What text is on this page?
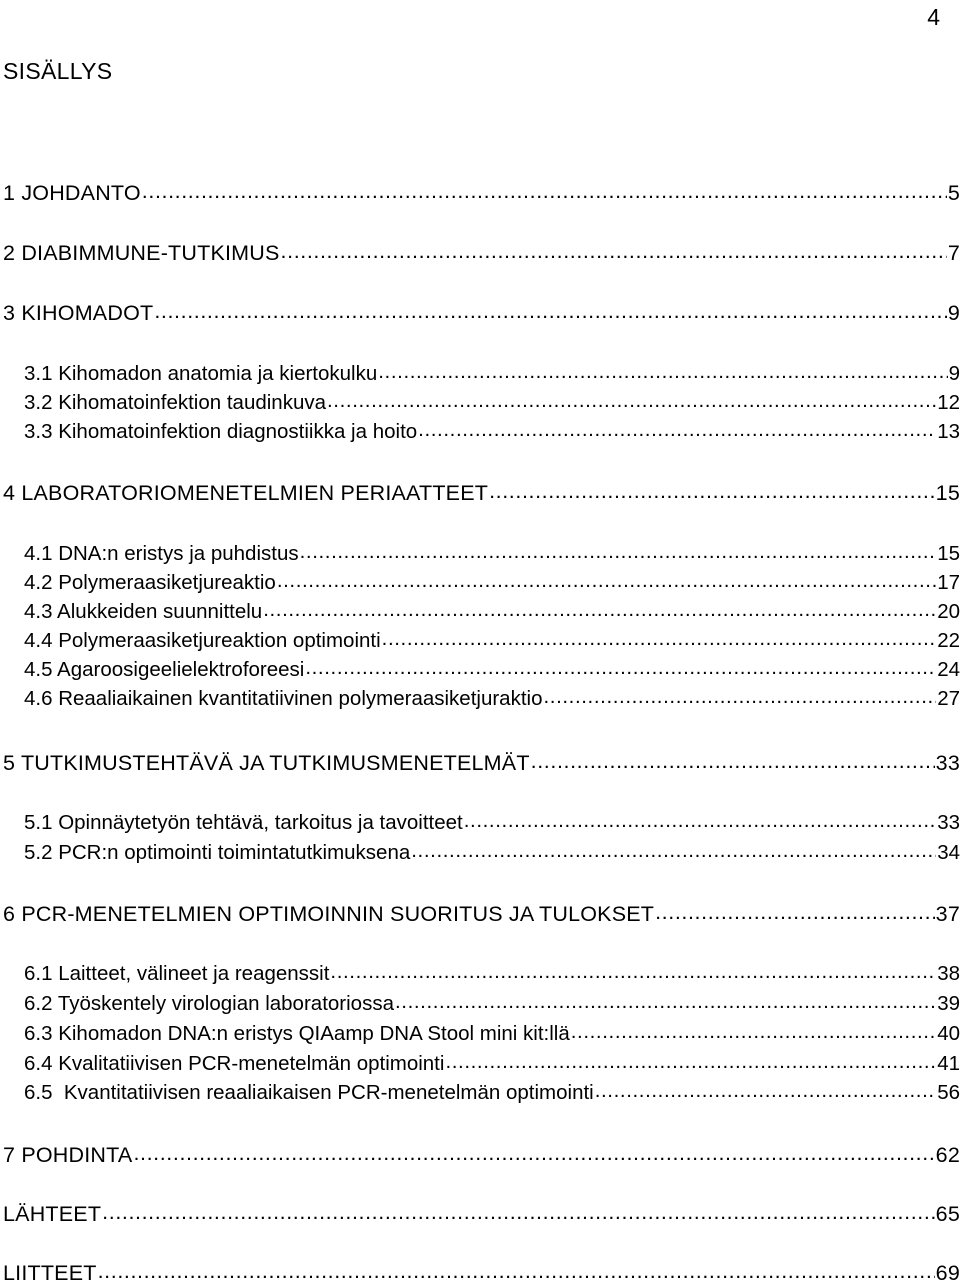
4
SISÄLLYS
1 JOHDANTO .....	5
2 DIABIMMUNE-TUTKIMUS .....	7
3 KIHOMADOT .....	9
3.1 Kihomadon anatomia ja kiertokulku .....	9
3.2 Kihomatoinfektion taudinkuva .....	12
3.3 Kihomatoinfektion diagnostiikka ja hoito .....	13
4 LABORATORIOMENETELMIEN PERIAATTEET .....	15
4.1 DNA:n eristys ja puhdistus .....	15
4.2 Polymeraasiketjureaktio .....	17
4.3 Alukkeiden suunnittelu .....	20
4.4 Polymeraasiketjureaktion optimointi .....	22
4.5 Agaroosigeelielektroforeesi .....	24
4.6 Reaaliaikainen kvantitatiivinen polymeraasiketjuraktio .....	27
5 TUTKIMUSTEHTÄVÄ JA TUTKIMUSMENETELMÄT .....	33
5.1 Opinnäytetyön tehtävä, tarkoitus ja tavoitteet .....	33
5.2 PCR:n optimointi toimintatutkimuksena .....	34
6 PCR-MENETELMIEN OPTIMOINNIN SUORITUS JA TULOKSET .....	37
6.1 Laitteet, välineet ja reagenssit .....	38
6.2 Työskentely virologian laboratoriossa .....	39
6.3 Kihomadon DNA:n eristys QIAamp DNA Stool mini kit:llä .....	40
6.4 Kvalitatiivisen PCR-menetelmän optimointi .....	41
6.5  Kvantitatiivisen reaaliaikaisen PCR-menetelmän optimointi .....	56
7 POHDINTA .....	62
LÄHTEET .....	65
LIITTEET .....	69
